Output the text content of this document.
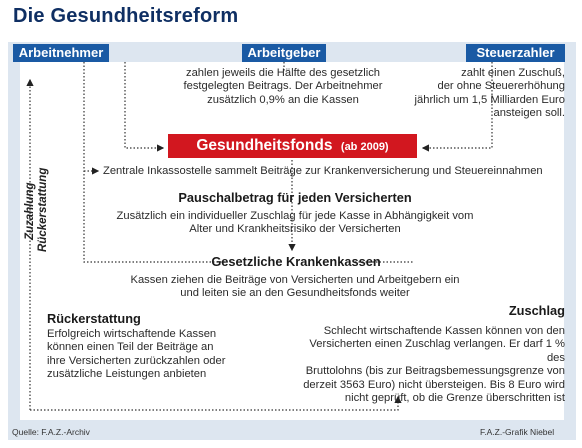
Die Gesundheitsreform
Arbeitnehmer	Arbeitgeber	Steuerzahler
zahlen jeweils die Hälfte des gesetzlich
festgelegten Beitrags. Der Arbeitnehmer
zusätzlich 0,9% an die Kassen
zahlt einen Zuschuß,
der ohne Steuererhöhung
jährlich um 1,5 Milliarden Euro
ansteigen soll.
Gesundheitsfonds (ab 2009)
Zentrale Inkassostelle sammelt Beiträge zur Krankenversicherung und Steuereinnahmen
Pauschalbetrag für jeden Versicherten
Zusätzlich ein individueller Zuschlag für jede Kasse in Abhängigkeit vom
Alter und Krankheitsrisiko der Versicherten
Gesetzliche Krankenkassen
Kassen ziehen die Beiträge von Versicherten und Arbeitgebern ein
und leiten sie an den Gesundheitsfonds weiter
Rückerstattung
Erfolgreich wirtschaftende Kassen
können einen Teil der Beiträge an
ihre Versicherten zurückzahlen oder
zusätzliche Leistungen anbieten
Zuschlag
Schlecht wirtschaftende Kassen können von den
Versicherten einen Zuschlag verlangen. Er darf 1 % des
Bruttolohns (bis zur Beitragsbemessungsgrenze von
derzeit 3563 Euro) nicht übersteigen. Bis 8 Euro wird
nicht geprüft, ob die Grenze überschritten ist
Zuzahlung Rückerstattung
Quelle: F.A.Z.-Archiv	F.A.Z.-Grafik Niebel
